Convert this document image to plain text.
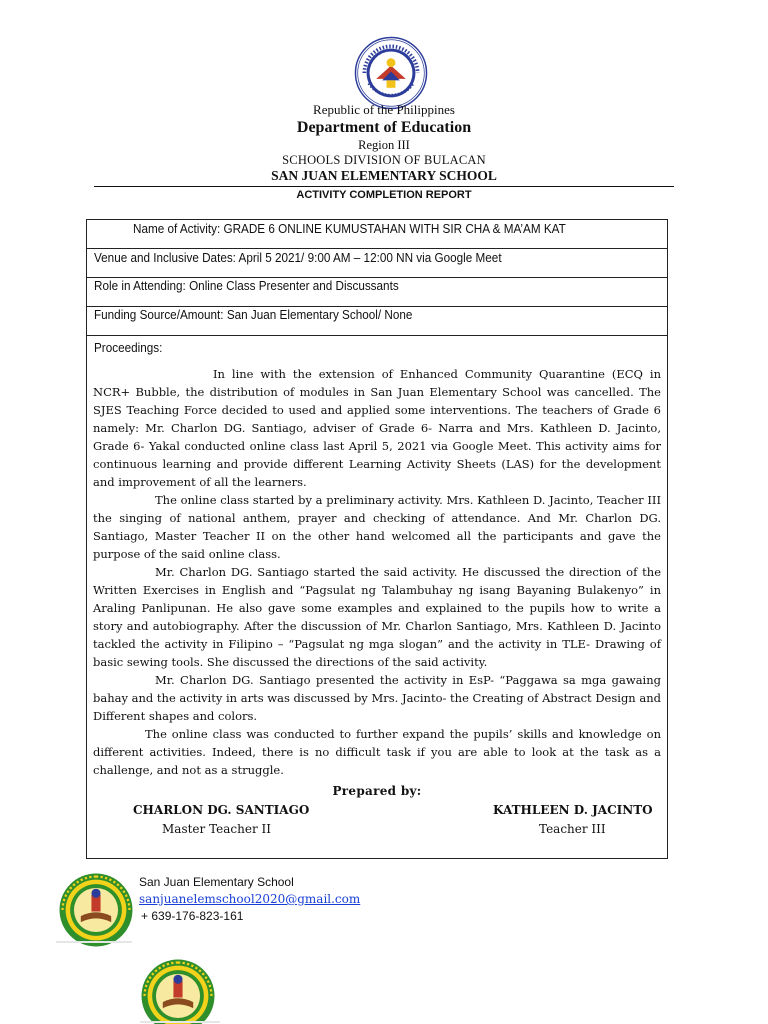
Republic of the Philippines
Department of Education
Region III
SCHOOLS DIVISION OF BULACAN
SAN JUAN ELEMENTARY SCHOOL
ACTIVITY COMPLETION REPORT
Name of Activity: GRADE 6 ONLINE KUMUSTAHAN WITH SIR CHA & MA’AM KAT
Venue and Inclusive Dates: April 5 2021/ 9:00 AM – 12:00 NN via Google Meet
Role in Attending: Online Class Presenter and Discussants
Funding Source/Amount: San Juan Elementary School/ None
Proceedings:

In line with the extension of Enhanced Community Quarantine (ECQ in NCR+ Bubble, the distribution of modules in San Juan Elementary School was cancelled. The SJES Teaching Force decided to used and applied some interventions. The teachers of Grade 6 namely: Mr. Charlon DG. Santiago, adviser of Grade 6- Narra and Mrs. Kathleen D. Jacinto, Grade 6- Yakal conducted online class last April 5, 2021 via Google Meet. This activity aims for continuous learning and provide different Learning Activity Sheets (LAS) for the development and improvement of all the learners.

The online class started by a preliminary activity. Mrs. Kathleen D. Jacinto, Teacher III the singing of national anthem, prayer and checking of attendance. And Mr. Charlon DG. Santiago, Master Teacher II on the other hand welcomed all the participants and gave the purpose of the said online class.

Mr. Charlon DG. Santiago started the said activity. He discussed the direction of the Written Exercises in English and “Pagsulat ng Talambuhay ng isang Bayaning Bulakenyo” in Araling Panlipunan. He also gave some examples and explained to the pupils how to write a story and autobiography. After the discussion of Mr. Charlon Santiago, Mrs. Kathleen D. Jacinto tackled the activity in Filipino – “Pagsulat ng mga slogan” and the activity in TLE- Drawing of basic sewing tools. She discussed the directions of the said activity.

Mr. Charlon DG. Santiago presented the activity in EsP- “Paggawa sa mga gawaing bahay and the activity in arts was discussed by Mrs. Jacinto- the Creating of Abstract Design and Different shapes and colors.

The online class was conducted to further expand the pupils’ skills and knowledge on different activities. Indeed, there is no difficult task if you are able to look at the task as a challenge, and not as a struggle.

Prepared by:
CHARLON DG. SANTIAGO
Master Teacher II
KATHLEEN D. JACINTO
Teacher III
San Juan Elementary School
sanjuanelemschool2020@gmail.com
+ 639-176-823-161
